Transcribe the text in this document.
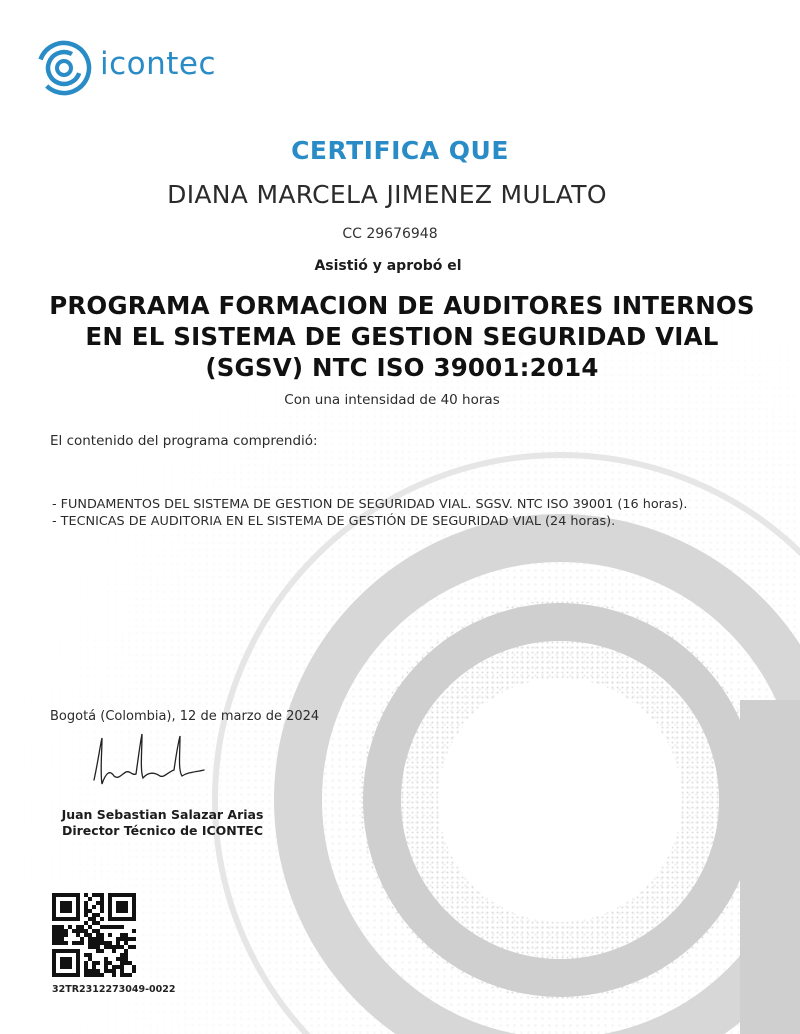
icontec
CERTIFICA QUE
DIANA MARCELA JIMENEZ MULATO
CC 29676948
Asistió y aprobó el
PROGRAMA FORMACION DE AUDITORES INTERNOS
EN EL SISTEMA DE GESTION SEGURIDAD VIAL
(SGSV) NTC ISO 39001:2014
Con una intensidad de 40 horas
El contenido del programa comprendió:
- FUNDAMENTOS DEL SISTEMA DE GESTION DE SEGURIDAD VIAL. SGSV. NTC ISO 39001 (16 horas).
- TECNICAS DE AUDITORIA EN EL SISTEMA DE GESTIÓN DE SEGURIDAD VIAL (24 horas).
Bogotá (Colombia), 12 de marzo de 2024
Juan Sebastian Salazar Arias
Director Técnico de ICONTEC
32TR2312273049-0022
